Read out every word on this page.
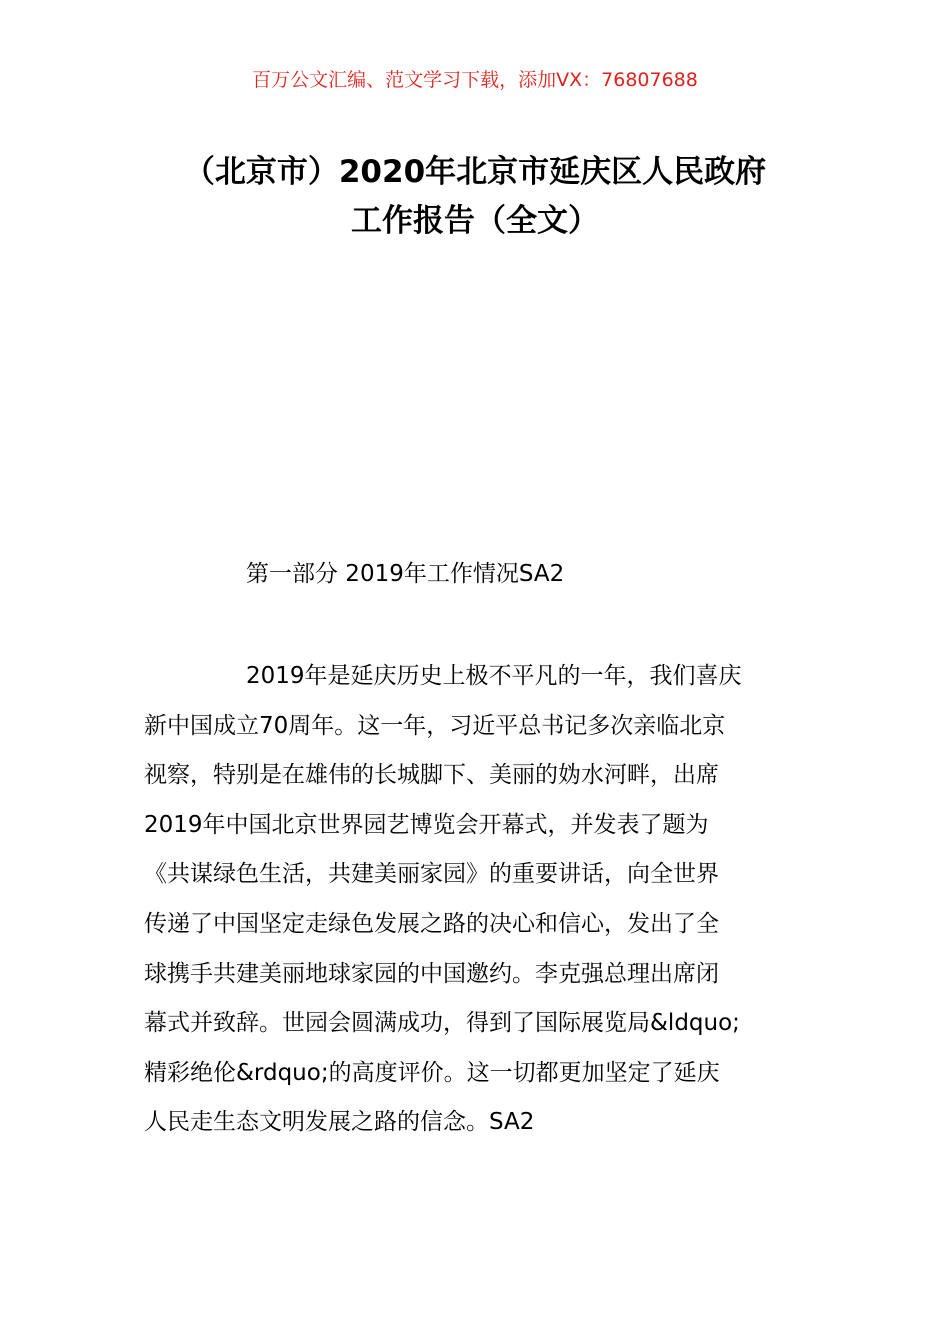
百万公文汇编、范文学习下载，添加VX：76807688
（北京市）2020年北京市延庆区人民政府
工作报告（全文）
第一部分 2019年工作情况SA2
2019年是延庆历史上极不平凡的一年，我们喜庆
新中国成立70周年。这一年，习近平总书记多次亲临北京
视察，特别是在雄伟的长城脚下、美丽的妫水河畔，出席
2019年中国北京世界园艺博览会开幕式，并发表了题为
《共谋绿色生活，共建美丽家园》的重要讲话，向全世界
传递了中国坚定走绿色发展之路的决心和信心，发出了全
球携手共建美丽地球家园的中国邀约。李克强总理出席闭
幕式并致辞。世园会圆满成功，得到了国际展览局&ldquo;
精彩绝伦&rdquo;的高度评价。这一切都更加坚定了延庆
人民走生态文明发展之路的信念。SA2
